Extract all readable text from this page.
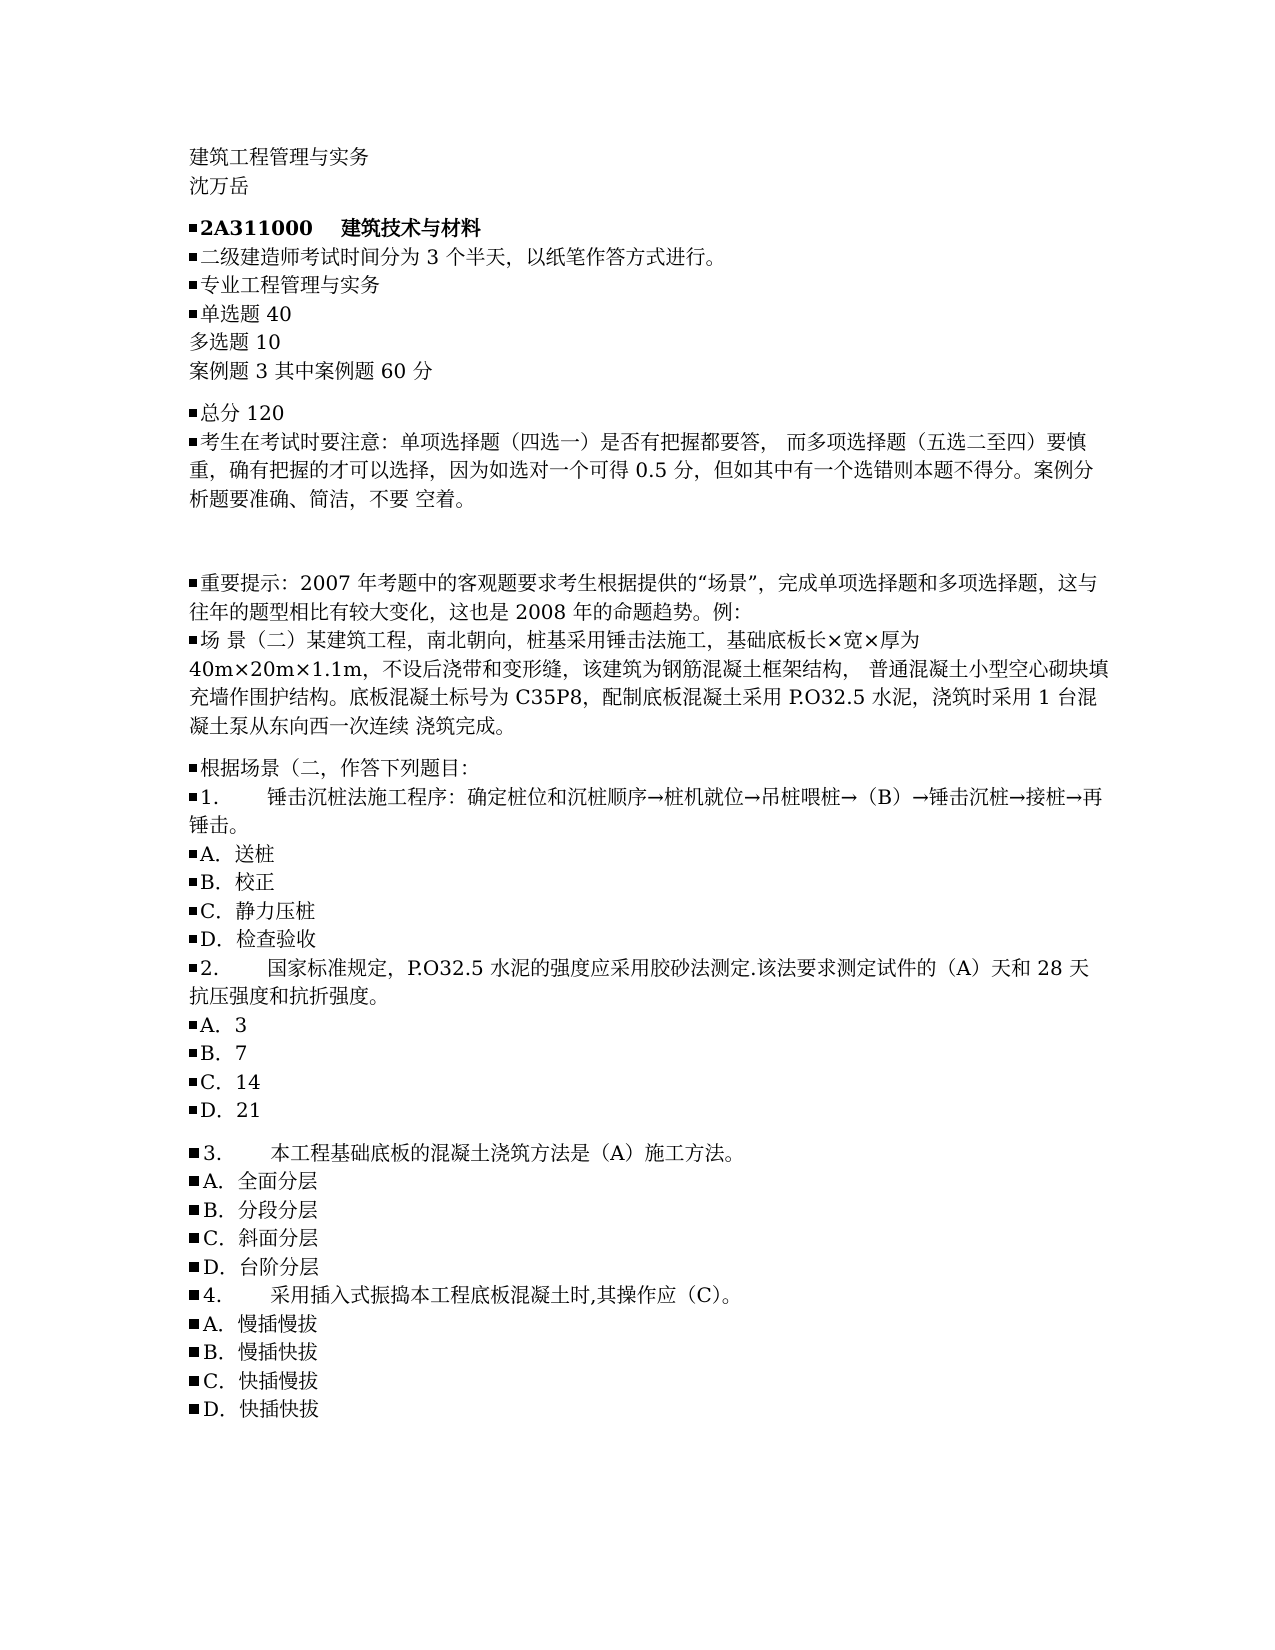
建筑工程管理与实务
沈万岳
2A311000 建筑技术与材料
二级建造师考试时间分为 3 个半天，以纸笔作答方式进行。
专业工程管理与实务
单选题 40
多选题 10
案例题 3 其中案例题 60 分
总分 120
考生在考试时要注意：单项选择题（四选一）是否有把握都要答， 而多项选择题（五选二至四）要慎重，确有把握的才可以选择，因为如选对一个可得 0.5 分，但如其中有一个选错则本题不得分。案例分析题要准确、简洁，不要 空着。
重要提示：2007 年考题中的客观题要求考生根据提供的“场景”，完成单项选择题和多项选择题，这与往年的题型相比有较大变化，这也是 2008 年的命题趋势。例：
场 景（二）某建筑工程，南北朝向，桩基采用锤击法施工，基础底板长×宽×厚为 40m×20m×1.1m，不设后浇带和变形缝，该建筑为钢筋混凝土框架结构， 普通混凝土小型空心砌块填充墙作围护结构。底板混凝土标号为 C35P8，配制底板混凝土采用 P.O32.5 水泥，浇筑时采用 1 台混凝土泵从东向西一次连续 浇筑完成。
根据场景（二，作答下列题目：
1. 锤击沉桩法施工程序：确定桩位和沉桩顺序→桩机就位→吊桩喂桩→（B）→锤击沉桩→接桩→再锤击。
A．送桩
B．校正
C．静力压桩
D．检查验收
2. 国家标准规定，P.O32.5 水泥的强度应采用胶砂法测定.该法要求测定试件的（A）天和 28 天抗压强度和抗折强度。
A．3
B．7
C．14
D．21
3. 本工程基础底板的混凝土浇筑方法是（A）施工方法。
A．全面分层
B．分段分层
C．斜面分层
D．台阶分层
4. 采用插入式振捣本工程底板混凝土时,其操作应（C）。
A．慢插慢拔
B．慢插快拔
C．快插慢拔
D．快插快拔
